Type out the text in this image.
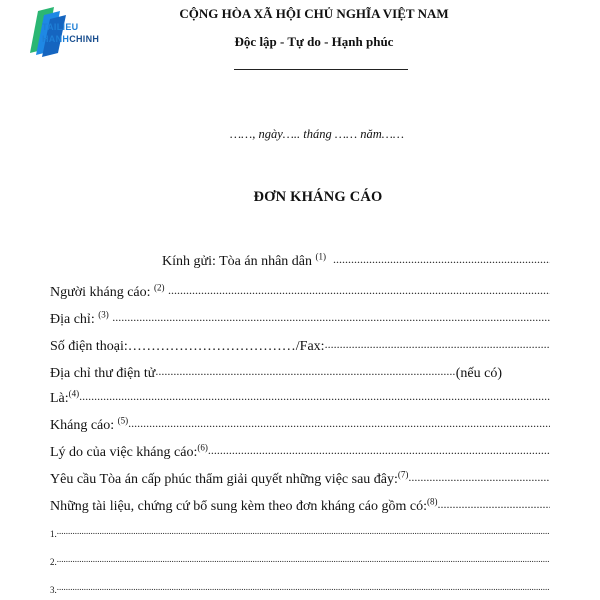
TAILIEU
HANHCHINH
CỘNG HÒA XÃ HỘI CHỦ NGHĨA VIỆT NAM
Độc lập - Tự do - Hạnh phúc
……, ngày….. tháng …… năm……
ĐƠN KHÁNG CÁO
Kính gửi: Tòa án nhân dân $^{(1)}$
.....
Người kháng cáo: $^{(2)}$
.....
Địa chỉ: $^{(3)}$
.....
Số điện thoại: ……………………………… /Fax:
.....
Địa chỉ thư điện tử
.....	(nếu có)
Là: $^{(4)}$
.....
Kháng cáo: $^{(5)}$
.....
Lý do của việc kháng cáo: $^{(6)}$
.....
Yêu cầu Tòa án cấp phúc thẩm giải quyết những việc sau đây: $^{(7)}$
.....
Những tài liệu, chứng cứ bổ sung kèm theo đơn kháng cáo gồm có: $^{(8)}$
.....
1.
.....
2.
.....
3.
.....
